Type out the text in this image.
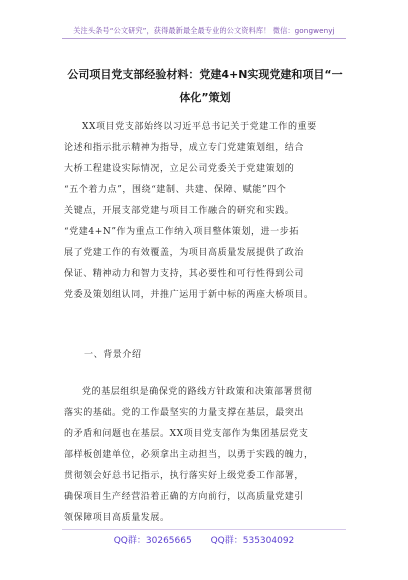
关注头条号“公文研究”，获得最新最全最专业的公文资料库！ 微信：gongwenyj
公司项目党支部经验材料：党建4+N实现党建和项目“一
体化”策划
XX项目党支部始终以习近平总书记关于党建工作的重要
论述和指示批示精神为指导，成立专门党建策划组，结合
大桥工程建设实际情况，立足公司党委关于党建策划的
“五个着力点”，围绕“建制、共建、保障、赋能”四个
关键点，开展支部党建与项目工作融合的研究和实践。
“党建4+N”作为重点工作纳入项目整体策划，进一步拓
展了党建工作的有效覆盖，为项目高质量发展提供了政治
保证、精神动力和智力支持，其必要性和可行性得到公司
党委及策划组认同，并推广运用于新中标的两座大桥项目。
一、背景介绍
党的基层组织是确保党的路线方针政策和决策部署贯彻
落实的基础。党的工作最坚实的力量支撑在基层，最突出
的矛盾和问题也在基层。XX项目党支部作为集团基层党支
部样板创建单位，必须拿出主动担当，以勇于实践的魄力，
贯彻领会好总书记指示，执行落实好上级党委工作部署，
确保项目生产经营沿着正确的方向前行，以高质量党建引
领保障项目高质量发展。
QQ群：30265665 QQ群：535304092
